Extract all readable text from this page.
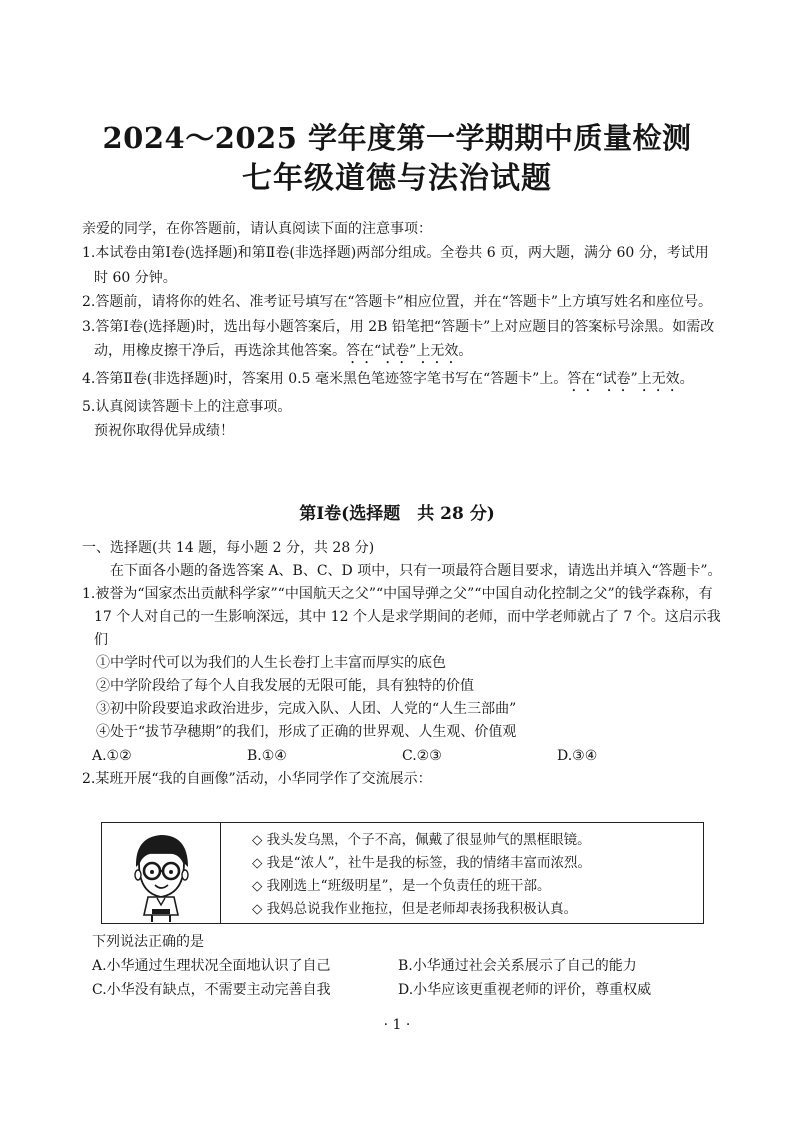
2024～2025 学年度第一学期期中质量检测
七年级道德与法治试题

亲爱的同学，在你答题前，请认真阅读下面的注意事项：

1.本试卷由第Ⅰ卷(选择题)和第Ⅱ卷(非选择题)两部分组成。全卷共 6 页，两大题，满分 60 分，考试用时 60 分钟。

2.答题前，请将你的姓名、准考证号填写在“答题卡”相应位置，并在“答题卡”上方填写姓名和座位号。

3.答第Ⅰ卷(选择题)时，选出每小题答案后，用 2B 铅笔把“答题卡”上对应题目的答案标号涂黑。如需改动，用橡皮擦干净后，再选涂其他答案。答在“试卷”上无效。

4.答第Ⅱ卷(非选择题)时，答案用 0.5 毫米黑色笔迹签字笔书写在“答题卡”上。答在“试卷”上无效。

5.认真阅读答题卡上的注意事项。

预祝你取得优异成绩！

第Ⅰ卷(选择题　共 28 分)

一、选择题(共 14 题，每小题 2 分，共 28 分)

在下面各小题的备选答案 A、B、C、D 项中，只有一项最符合题目要求，请选出并填入“答题卡”。

1.被誉为“国家杰出贡献科学家”“中国航天之父”“中国导弹之父”“中国自动化控制之父”的钱学森称，有 17 个人对自己的一生影响深远，其中 12 个人是求学期间的老师，而中学老师就占了 7 个。这启示我们

①中学时代可以为我们的人生长卷打上丰富而厚实的底色

②中学阶段给了每个人自我发展的无限可能，具有独特的价值

③初中阶段要追求政治进步，完成入队、人团、人党的“人生三部曲”

④处于“拔节孕穗期”的我们，形成了正确的世界观、人生观、价值观

A.①②	B.①④	C.②③	D.③④

2.某班开展“我的自画像”活动，小华同学作了交流展示：

◇ 我头发乌黑，个子不高，佩戴了很显帅气的黑框眼镜。

◇ 我是“浓人”，社牛是我的标签，我的情绪丰富而浓烈。

◇ 我刚选上“班级明星”，是一个负责任的班干部。

◇ 我妈总说我作业拖拉，但是老师却表扬我积极认真。

下列说法正确的是

A.小华通过生理状况全面地认识了自己	B.小华通过社会关系展示了自己的能力
C.小华没有缺点，不需要主动完善自我	D.小华应该更重视老师的评价，尊重权威
· 1 ·
